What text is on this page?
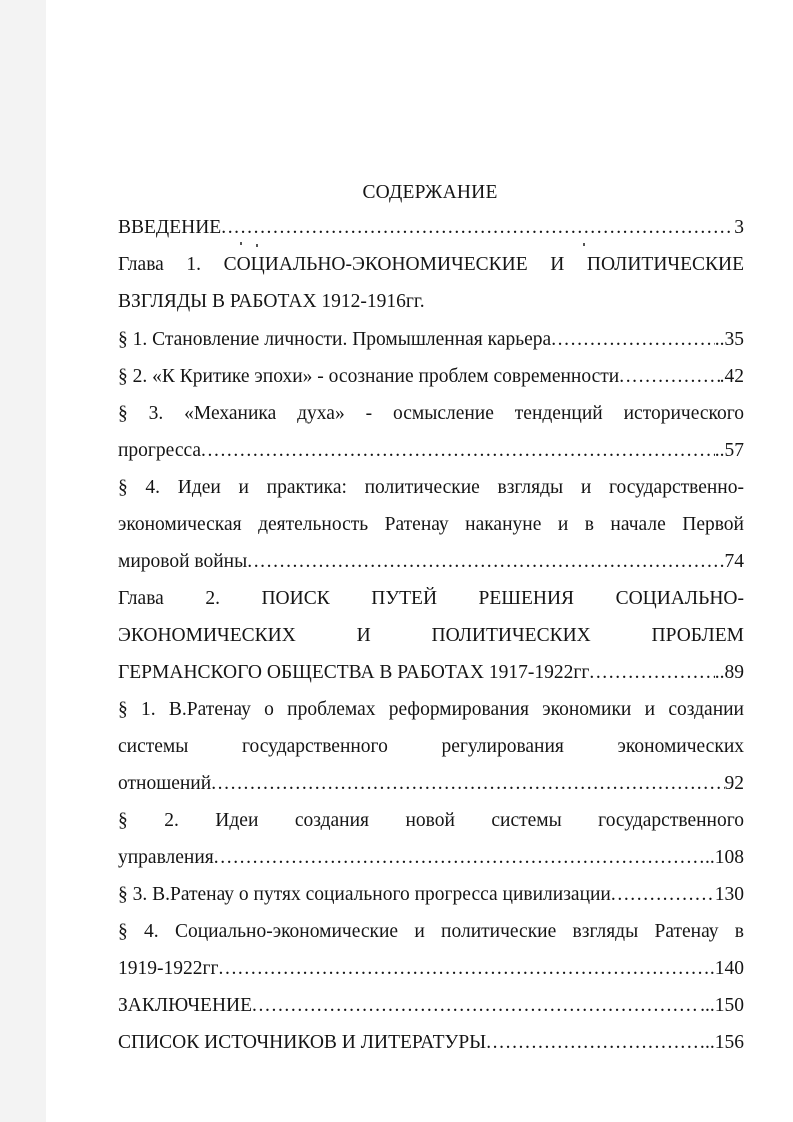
СОДЕРЖАНИЕ
ВВЕДЕНИЕ .....	3
Глава 1. СОЦИАЛЬНО-ЭКОНОМИЧЕСКИЕ И ПОЛИТИЧЕСКИЕ
ВЗГЛЯДЫ В РАБОТАХ 1912-1916гг.
§ 1. Становление личности. Промышленная карьера .....	..35
§ 2. «К Критике эпохи» - осознание проблем современности .....	.42
§ 3. «Механика духа» - осмысление тенденций исторического
прогресса .....	..57
§ 4. Идеи и практика: политические взгляды и государственно-
экономическая деятельность Ратенау накануне и в начале Первой
мировой войны .....	.74
Глава 2. ПОИСК ПУТЕЙ РЕШЕНИЯ СОЦИАЛЬНО-
ЭКОНОМИЧЕСКИХ И ПОЛИТИЧЕСКИХ ПРОБЛЕМ
ГЕРМАНСКОГО ОБЩЕСТВА В РАБОТАХ 1917-1922гг .....	..89
§ 1. В.Ратенау о проблемах реформирования экономики и создании
системы государственного регулирования экономических
отношений .....	92
§ 2. Идеи создания новой системы государственного
управления .....	..108
§ 3. В.Ратенау о путях социального прогресса цивилизации .....	130
§ 4. Социально-экономические и политические взгляды Ратенау в
1919-1922гг .....	.140
ЗАКЛЮЧЕНИЕ .....	...150
СПИСОК ИСТОЧНИКОВ И ЛИТЕРАТУРЫ .....	..156
